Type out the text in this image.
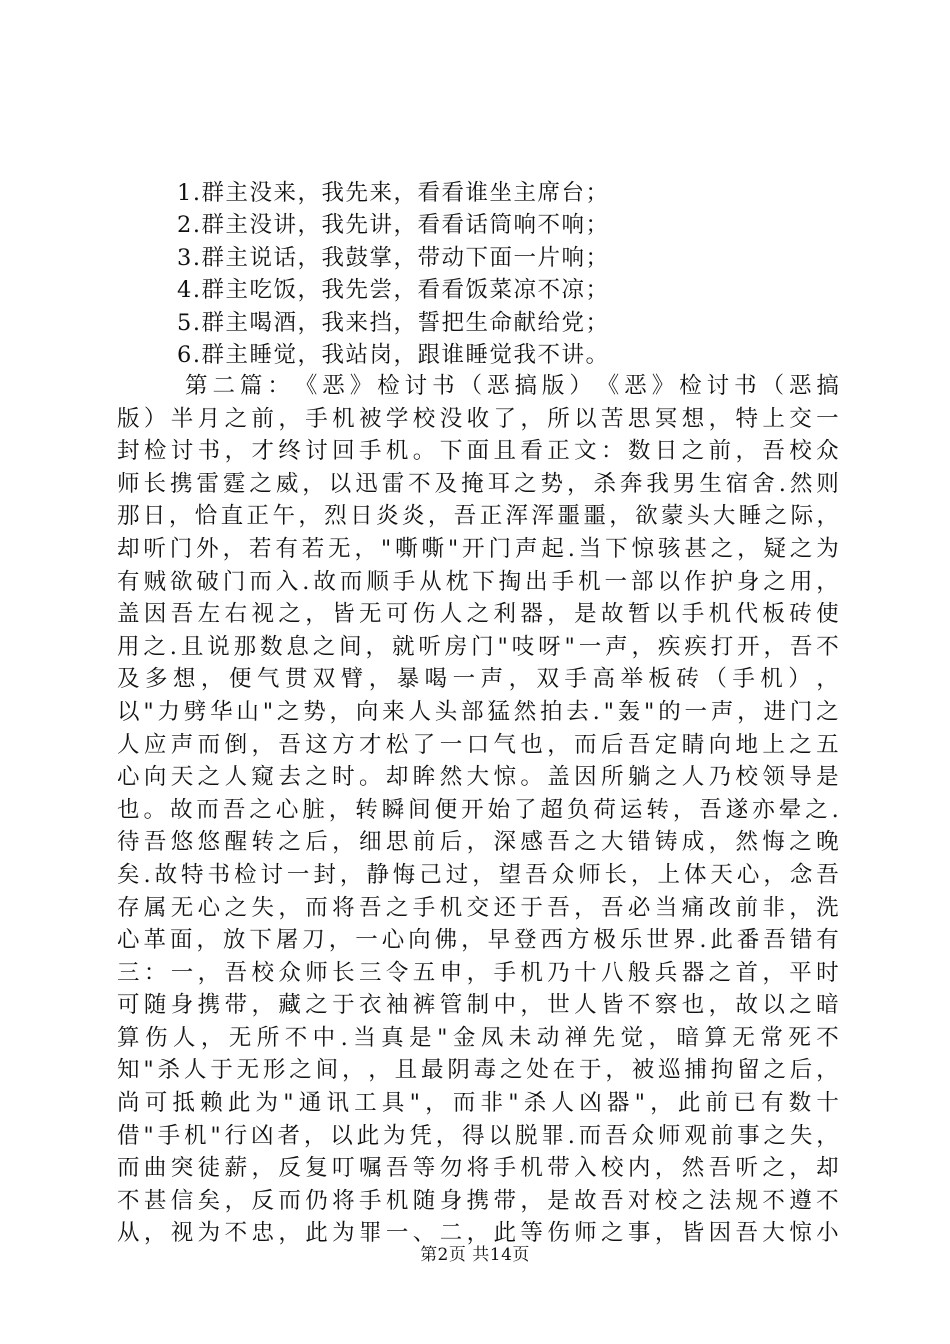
1.群主没来，我先来，看看谁坐主席台；
2.群主没讲，我先讲，看看话筒响不响；
3.群主说话，我鼓掌，带动下面一片响；
4.群主吃饭，我先尝，看看饭菜凉不凉；
5.群主喝酒，我来挡，誓把生命献给党；
6.群主睡觉，我站岗，跟谁睡觉我不讲。
第 二 篇 ： 《 恶 》 检 讨 书 （ 恶 搞 版 ） 《 恶 》 检 讨 书 （ 恶 搞
版 ） 半 月 之 前 ， 手 机 被 学 校 没 收 了 ， 所 以 苦 思 冥 想 ， 特 上 交 一
封 检 讨 书 ， 才 终 讨 回 手 机 。 下 面 且 看 正 文 ： 数 日 之 前 ， 吾 校 众
师 长 携 雷 霆 之 威 ， 以 迅 雷 不 及 掩 耳 之 势 ， 杀 奔 我 男 生 宿 舍 . 然 则
那 日 ， 恰 直 正 午 ， 烈 日 炎 炎 ， 吾 正 浑 浑 噩 噩 ， 欲 蒙 头 大 睡 之 际 ，
却 听 门 外 ， 若 有 若 无 ， " 嘶 嘶 " 开 门 声 起 . 当 下 惊 骇 甚 之 ， 疑 之 为
有 贼 欲 破 门 而 入 . 故 而 顺 手 从 枕 下 掏 出 手 机 一 部 以 作 护 身 之 用 ，
盖 因 吾 左 右 视 之 ， 皆 无 可 伤 人 之 利 器 ， 是 故 暂 以 手 机 代 板 砖 使
用 之 . 且 说 那 数 息 之 间 ， 就 听 房 门 " 吱 呀 " 一 声 ， 疾 疾 打 开 ， 吾 不
及 多 想 ， 便 气 贯 双 臂 ， 暴 喝 一 声 ， 双 手 高 举 板 砖 （ 手 机 ） ，
以 " 力 劈 华 山 " 之 势 ， 向 来 人 头 部 猛 然 拍 去 . " 轰 " 的 一 声 ， 进 门 之
人 应 声 而 倒 ， 吾 这 方 才 松 了 一 口 气 也 ， 而 后 吾 定 睛 向 地 上 之 五
心 向 天 之 人 窥 去 之 时 。 却 眸 然 大 惊 。 盖 因 所 躺 之 人 乃 校 领 导 是
也 。 故 而 吾 之 心 脏 ， 转 瞬 间 便 开 始 了 超 负 荷 运 转 ， 吾 遂 亦 晕 之 .
待 吾 悠 悠 醒 转 之 后 ， 细 思 前 后 ， 深 感 吾 之 大 错 铸 成 ， 然 悔 之 晚
矣 . 故 特 书 检 讨 一 封 ， 静 悔 己 过 ， 望 吾 众 师 长 ， 上 体 天 心 ， 念 吾
存 属 无 心 之 失 ， 而 将 吾 之 手 机 交 还 于 吾 ， 吾 必 当 痛 改 前 非 ， 洗
心 革 面 ， 放 下 屠 刀 ， 一 心 向 佛 ， 早 登 西 方 极 乐 世 界 . 此 番 吾 错 有
三 ： 一 ， 吾 校 众 师 长 三 令 五 申 ， 手 机 乃 十 八 般 兵 器 之 首 ， 平 时
可 随 身 携 带 ， 藏 之 于 衣 袖 裤 管 制 中 ， 世 人 皆 不 察 也 ， 故 以 之 暗
算 伤 人 ， 无 所 不 中 . 当 真 是 " 金 凤 未 动 禅 先 觉 ， 暗 算 无 常 死 不
知 " 杀 人 于 无 形 之 间 ， ， 且 最 阴 毒 之 处 在 于 ， 被 巡 捕 拘 留 之 后 ，
尚 可 抵 赖 此 为 " 通 讯 工 具 " ， 而 非 " 杀 人 凶 器 " ， 此 前 已 有 数 十
借 " 手 机 " 行 凶 者 ， 以 此 为 凭 ， 得 以 脱 罪 . 而 吾 众 师 观 前 事 之 失 ，
而 曲 突 徒 薪 ， 反 复 叮 嘱 吾 等 勿 将 手 机 带 入 校 内 ， 然 吾 听 之 ， 却
不 甚 信 矣 ， 反 而 仍 将 手 机 随 身 携 带 ， 是 故 吾 对 校 之 法 规 不 遵 不
从 ， 视 为 不 忠 ， 此 为 罪 一 、 二 ， 此 等 伤 师 之 事 ， 皆 因 吾 大 惊 小
第2页 共14页
